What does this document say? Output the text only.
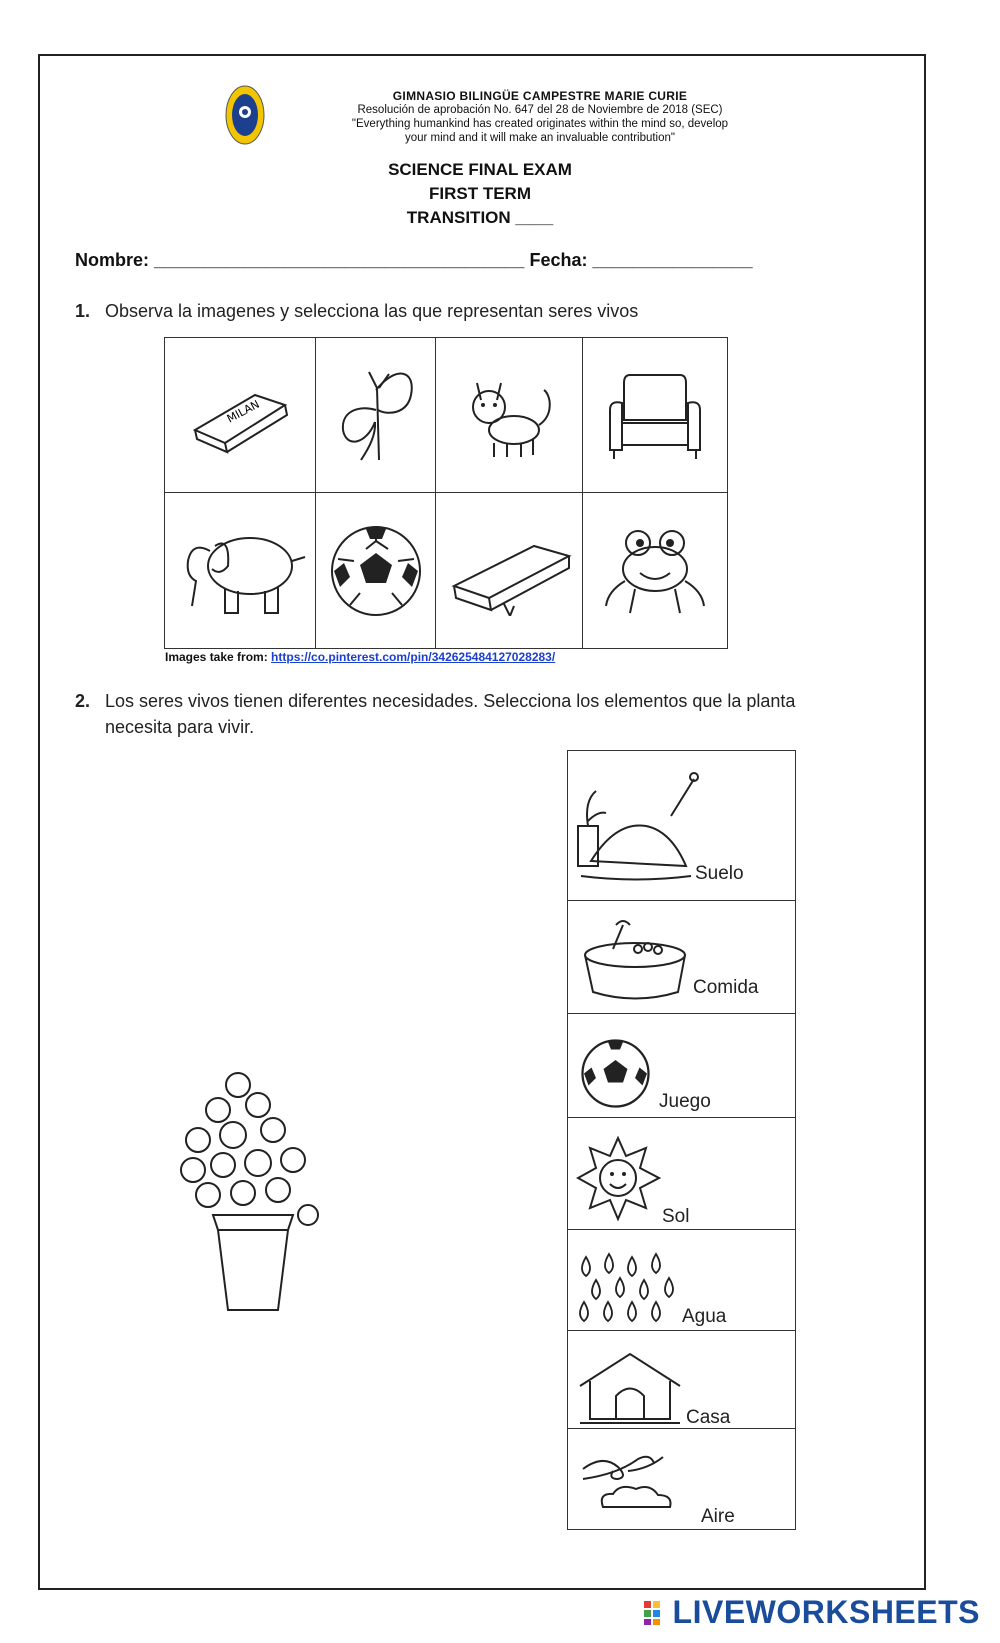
GIMNASIO BILINGÜE CAMPESTRE MARIE CURIE
Resolución de aprobación No. 647 del 28 de Noviembre de 2018 (SEC)
"Everything humankind has created originates within the mind so, develop
your mind and it will make an invaluable contribution"
SCIENCE FINAL EXAM
FIRST TERM
TRANSITION ____
Nombre: _____________________________________ Fecha: ________________
1. Observa la imagenes y selecciona las que representan seres vivos
MILAN
Images take from: https://co.pinterest.com/pin/342625484127028283/
2. Los seres vivos tienen diferentes necesidades. Selecciona los elementos que la planta
necesita para vivir.
Suelo
Comida
Juego
Sol
Agua
Casa
Aire
LIVEWORKSHEETS
